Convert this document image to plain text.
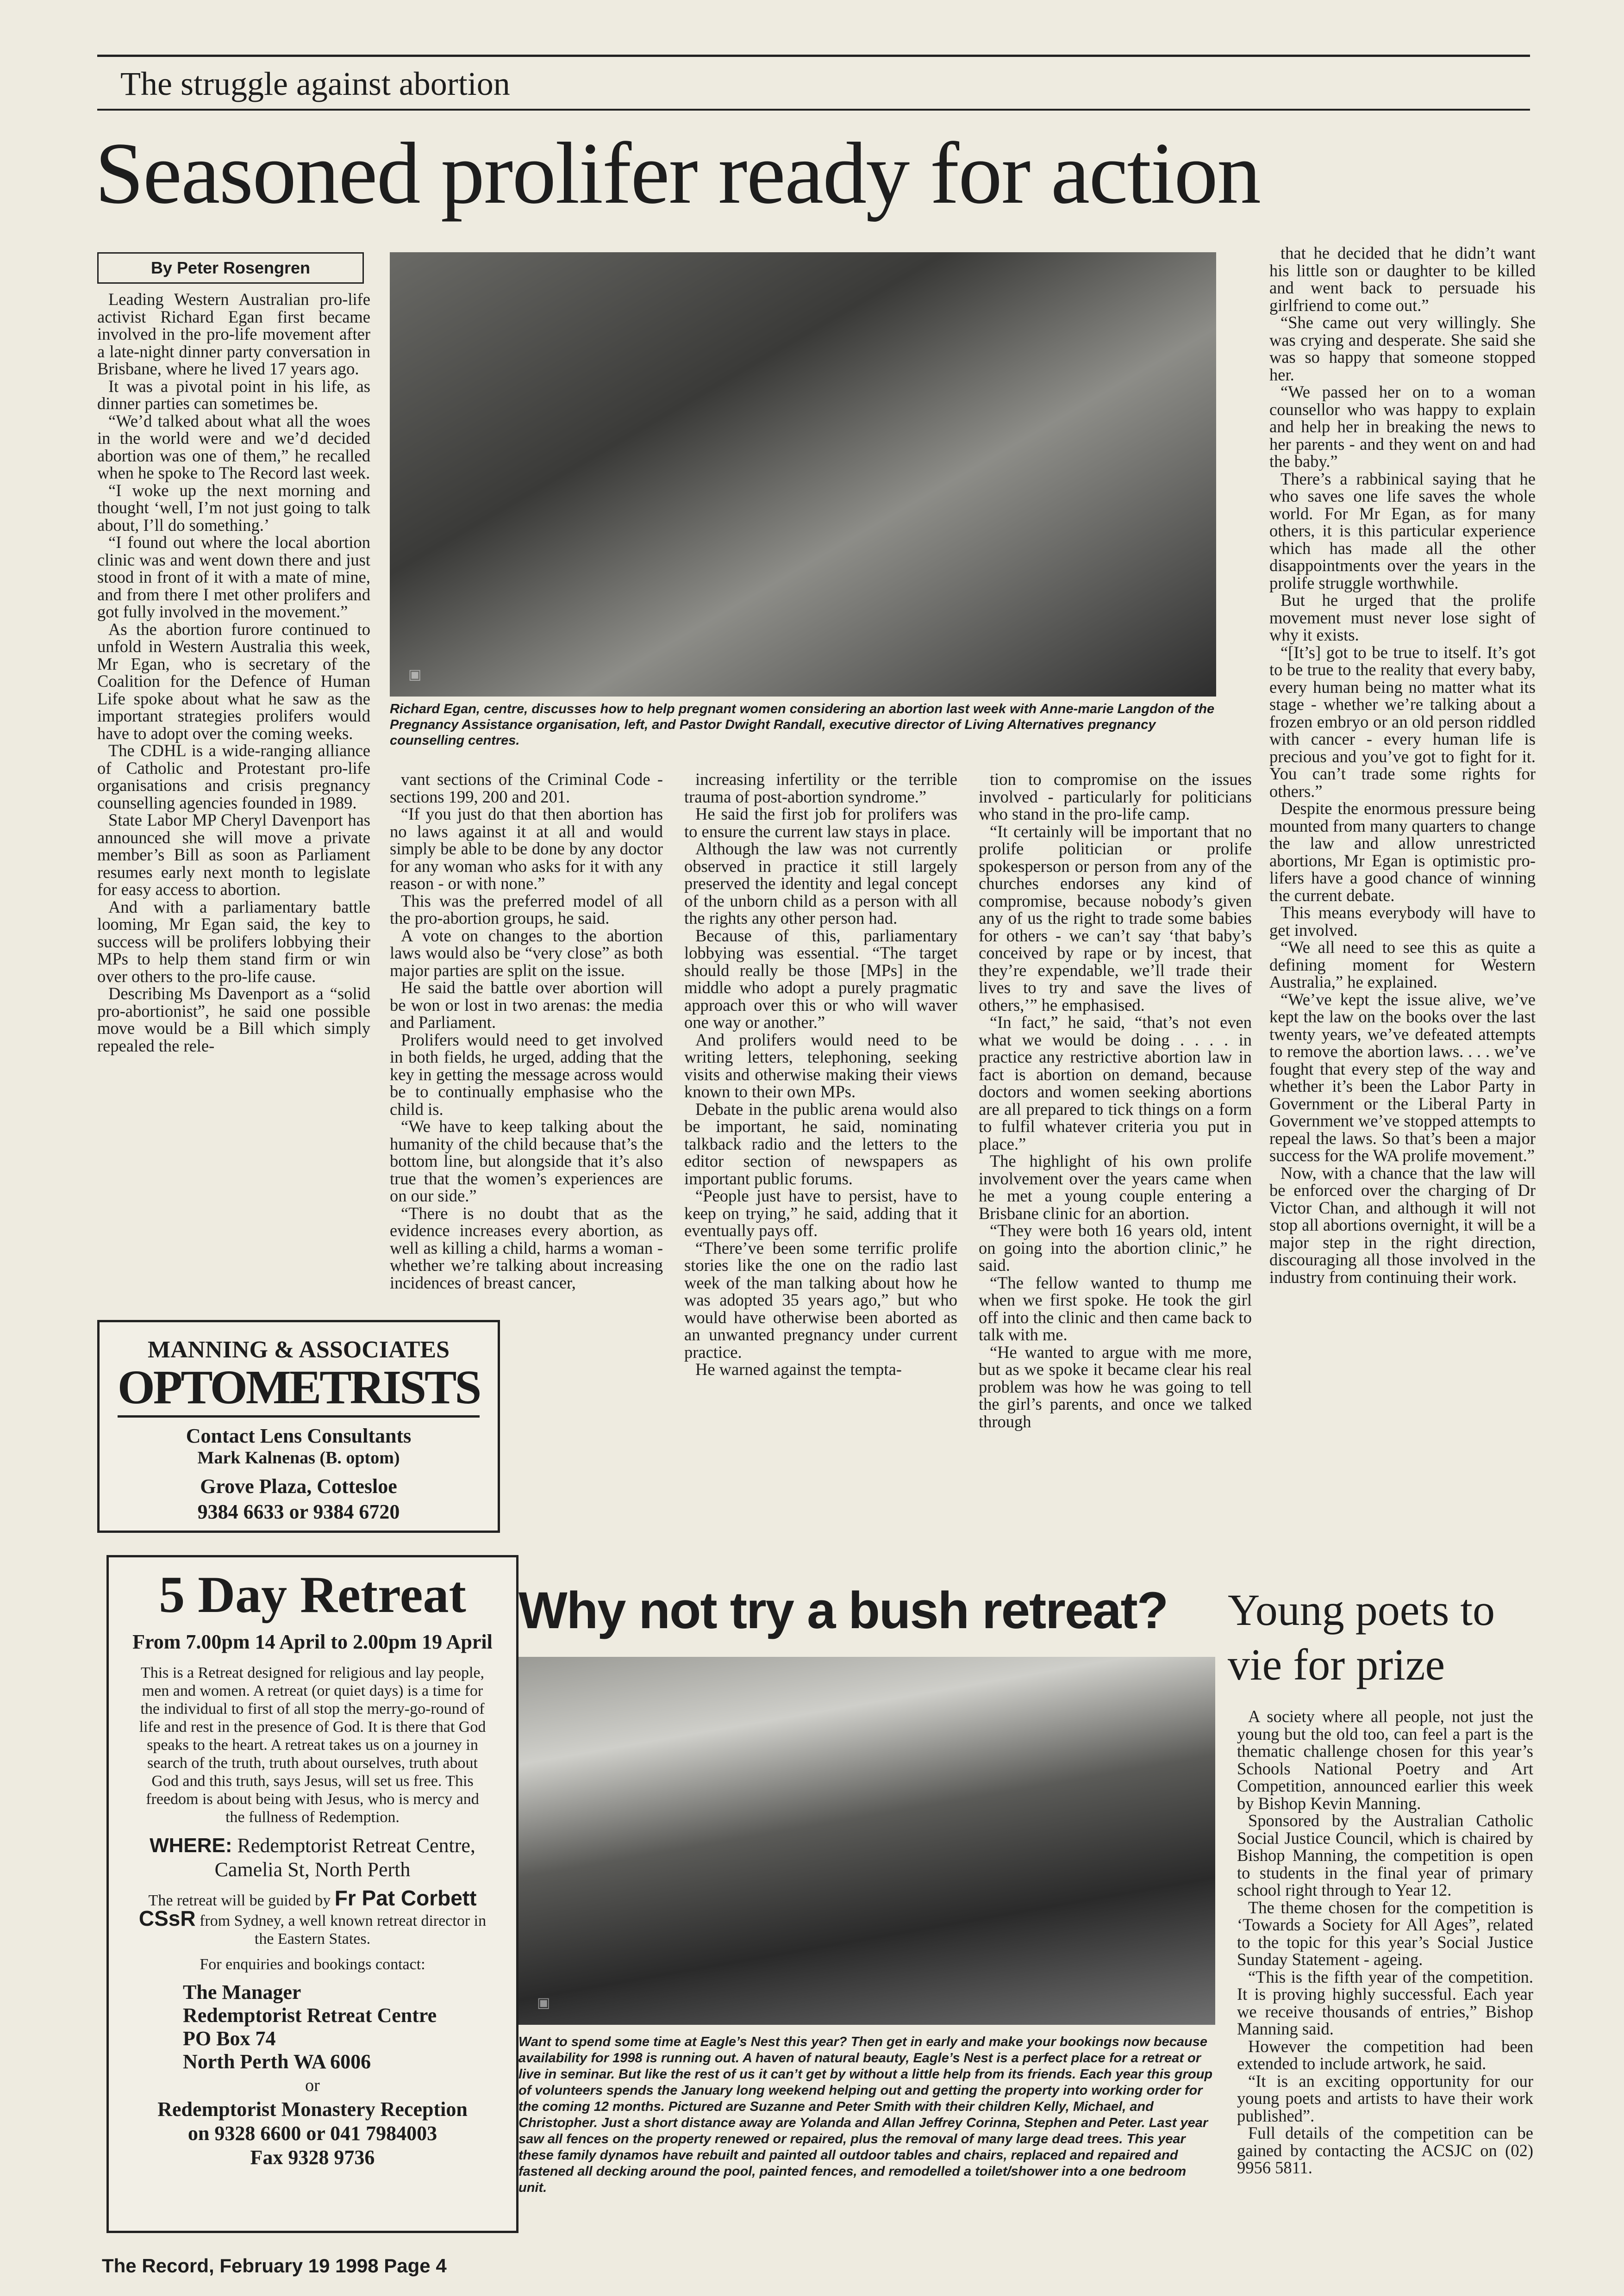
The struggle against abortion
Seasoned prolifer ready for action
By Peter Rosengren
▣
Richard Egan, centre, discusses how to help pregnant women considering an abortion last week with Anne-marie Langdon of the Pregnancy Assistance organisation, left, and Pastor Dwight Randall, executive director of Living Alternatives pregnancy counselling centres.

Leading Western Australian pro-life activist Richard Egan first became involved in the pro-life movement after a late-night dinner party conversation in Brisbane, where he lived 17 years ago.

It was a pivotal point in his life, as dinner parties can sometimes be.

“We’d talked about what all the woes in the world were and we’d decided abortion was one of them,” he recalled when he spoke to The Record last week.

“I woke up the next morning and thought ‘well, I’m not just going to talk about, I’ll do something.’

“I found out where the local abortion clinic was and went down there and just stood in front of it with a mate of mine, and from there I met other prolifers and got fully involved in the movement.”

As the abortion furore continued to unfold in Western Australia this week, Mr Egan, who is secretary of the Coalition for the Defence of Human Life spoke about what he saw as the important strategies prolifers would have to adopt over the coming weeks.

The CDHL is a wide-ranging alliance of Catholic and Protestant pro-life organisations and crisis pregnancy counselling agencies founded in 1989.

State Labor MP Cheryl Davenport has announced she will move a private member’s Bill as soon as Parliament resumes early next month to legislate for easy access to abortion.

And with a parliamentary battle looming, Mr Egan said, the key to success will be prolifers lobbying their MPs to help them stand firm or win over others to the pro-life cause.

Describing Ms Davenport as a “solid pro-abortionist”, he said one possible move would be a Bill which simply repealed the rele-

vant sections of the Criminal Code - sections 199, 200 and 201.

“If you just do that then abortion has no laws against it at all and would simply be able to be done by any doctor for any woman who asks for it with any reason - or with none.”

This was the preferred model of all the pro-abortion groups, he said.

A vote on changes to the abortion laws would also be “very close” as both major parties are split on the issue.

He said the battle over abortion will be won or lost in two arenas: the media and Parliament.

Prolifers would need to get involved in both fields, he urged, adding that the key in getting the message across would be to continually emphasise who the child is.

“We have to keep talking about the humanity of the child because that’s the bottom line, but alongside that it’s also true that the women’s experiences are on our side.”

“There is no doubt that as the evidence increases every abortion, as well as killing a child, harms a woman - whether we’re talking about increasing incidences of breast cancer,

increasing infertility or the terrible trauma of post-abortion syndrome.”

He said the first job for prolifers was to ensure the current law stays in place.

Although the law was not currently observed in practice it still largely preserved the identity and legal concept of the unborn child as a person with all the rights any other person had.

Because of this, parliamentary lobbying was essential. “The target should really be those [MPs] in the middle who adopt a purely pragmatic approach over this or who will waver one way or another.”

And prolifers would need to be writing letters, telephoning, seeking visits and otherwise making their views known to their own MPs.

Debate in the public arena would also be important, he said, nominating talkback radio and the letters to the editor section of newspapers as important public forums.

“People just have to persist, have to keep on trying,” he said, adding that it eventually pays off.

“There’ve been some terrific prolife stories like the one on the radio last week of the man talking about how he was adopted 35 years ago,” but who would have otherwise been aborted as an unwanted pregnancy under current practice.

He warned against the tempta-

tion to compromise on the issues involved - particularly for politicians who stand in the pro-life camp.

“It certainly will be important that no prolife politician or prolife spokesperson or person from any of the churches endorses any kind of compromise, because nobody’s given any of us the right to trade some babies for others - we can’t say ‘that baby’s conceived by rape or by incest, that they’re expendable, we’ll trade their lives to try and save the lives of others,’” he emphasised.

“In fact,” he said, “that’s not even what we would be doing . . . . in practice any restrictive abortion law in fact is abortion on demand, because doctors and women seeking abortions are all prepared to tick things on a form to fulfil whatever criteria you put in place.”

The highlight of his own prolife involvement over the years came when he met a young couple entering a Brisbane clinic for an abortion.

“They were both 16 years old, intent on going into the abortion clinic,” he said.

“The fellow wanted to thump me when we first spoke. He took the girl off into the clinic and then came back to talk with me.

“He wanted to argue with me more, but as we spoke it became clear his real problem was how he was going to tell the girl’s parents, and once we talked through

that he decided that he didn’t want his little son or daughter to be killed and went back to persuade his girlfriend to come out.”

“She came out very willingly. She was crying and desperate. She said she was so happy that someone stopped her.

“We passed her on to a woman counsellor who was happy to explain and help her in breaking the news to her parents - and they went on and had the baby.”

There’s a rabbinical saying that he who saves one life saves the whole world. For Mr Egan, as for many others, it is this particular experience which has made all the other disappointments over the years in the prolife struggle worthwhile.

But he urged that the prolife movement must never lose sight of why it exists.

“[It’s] got to be true to itself. It’s got to be true to the reality that every baby, every human being no matter what its stage - whether we’re talking about a frozen embryo or an old person riddled with cancer - every human life is precious and you’ve got to fight for it. You can’t trade some rights for others.”

Despite the enormous pressure being mounted from many quarters to change the law and allow unrestricted abortions, Mr Egan is optimistic pro-lifers have a good chance of winning the current debate.

This means everybody will have to get involved.

“We all need to see this as quite a defining moment for Western Australia,” he explained.

“We’ve kept the issue alive, we’ve kept the law on the books over the last twenty years, we’ve defeated attempts to remove the abortion laws. . . . we’ve fought that every step of the way and whether it’s been the Labor Party in Government or the Liberal Party in Government we’ve stopped attempts to repeal the laws. So that’s been a major success for the WA prolife movement.”

Now, with a chance that the law will be enforced over the charging of Dr Victor Chan, and although it will not stop all abortions overnight, it will be a major step in the right direction, discouraging all those involved in the industry from continuing their work.

MANNING & ASSOCIATES
OPTOMETRISTS
Contact Lens Consultants
Mark Kalnenas (B. optom)
Grove Plaza, Cottesloe
9384 6633 or 9384 6720
5 Day Retreat
From 7.00pm 14 April to 2.00pm 19 April
This is a Retreat designed for religious and lay people, men and women. A retreat (or quiet days) is a time for the individual to first of all stop the merry-go-round of life and rest in the presence of God. It is there that God speaks to the heart. A retreat takes us on a journey in search of the truth, truth about ourselves, truth about God and this truth, says Jesus, will set us free. This freedom is about being with Jesus, who is mercy and the fullness of Redemption.
WHERE: Redemptorist Retreat Centre, Camelia St, North Perth
The retreat will be guided by Fr Pat Corbett CSsR from Sydney, a well known retreat director in the Eastern States.
For enquiries and bookings contact:
The Manager
Redemptorist Retreat Centre
PO Box 74
North Perth WA 6006
or
Redemptorist Monastery Reception
on 9328 6600 or 041 7984003
Fax 9328 9736
Why not try a bush retreat?
▣
Want to spend some time at Eagle’s Nest this year? Then get in early and make your bookings now because availability for 1998 is running out. A haven of natural beauty, Eagle’s Nest is a perfect place for a retreat or live in seminar. But like the rest of us it can’t get by without a little help from its friends. Each year this group of volunteers spends the January long weekend helping out and getting the property into working order for the coming 12 months. Pictured are Suzanne and Peter Smith with their children Kelly, Michael, and Christopher. Just a short distance away are Yolanda and Allan Jeffrey Corinna, Stephen and Peter. Last year saw all fences on the property renewed or repaired, plus the removal of many large dead trees. This year these family dynamos have rebuilt and painted all outdoor tables and chairs, replaced and repaired and fastened all decking around the pool, painted fences, and remodelled a toilet/shower into a one bedroom unit.
Young poets to
vie for prize

A society where all people, not just the young but the old too, can feel a part is the thematic challenge chosen for this year’s Schools National Poetry and Art Competition, announced earlier this week by Bishop Kevin Manning.

Sponsored by the Australian Catholic Social Justice Council, which is chaired by Bishop Manning, the competition is open to students in the final year of primary school right through to Year 12.

The theme chosen for the competition is ‘Towards a Society for All Ages”, related to the topic for this year’s Social Justice Sunday Statement - ageing.

“This is the fifth year of the competition. It is proving highly successful. Each year we receive thousands of entries,” Bishop Manning said.

However the competition had been extended to include artwork, he said.

“It is an exciting opportunity for our young poets and artists to have their work published”.

Full details of the competition can be gained by contacting the ACSJC on (02) 9956 5811.

The Record, February 19 1998 Page 4
